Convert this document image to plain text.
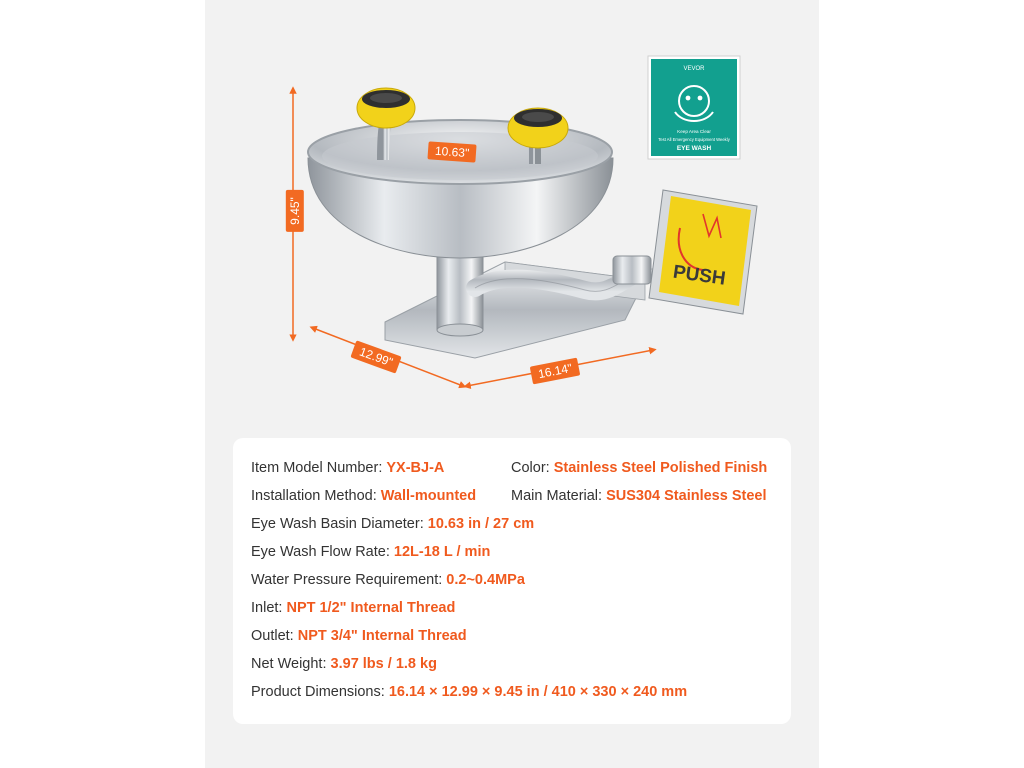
PUSH
VEVOR
Keep Area Clear
Test All Emergency Equipment Weekly
EYE WASH
10.63"
9.45"
12.99"
16.14"
Item Model Number: YX-BJ-A	Color: Stainless Steel Polished Finish
Installation Method: Wall-mounted Main Material: SUS304 Stainless Steel
Eye Wash Basin Diameter: 10.63 in / 27 cm
Eye Wash Flow Rate: 12L-18 L / min
Water Pressure Requirement: 0.2~0.4MPa
Inlet: NPT 1/2" Internal Thread
Outlet: NPT 3/4" Internal Thread
Net Weight: 3.97 lbs / 1.8 kg
Product Dimensions: 16.14 × 12.99 × 9.45 in / 410 × 330 × 240 mm
